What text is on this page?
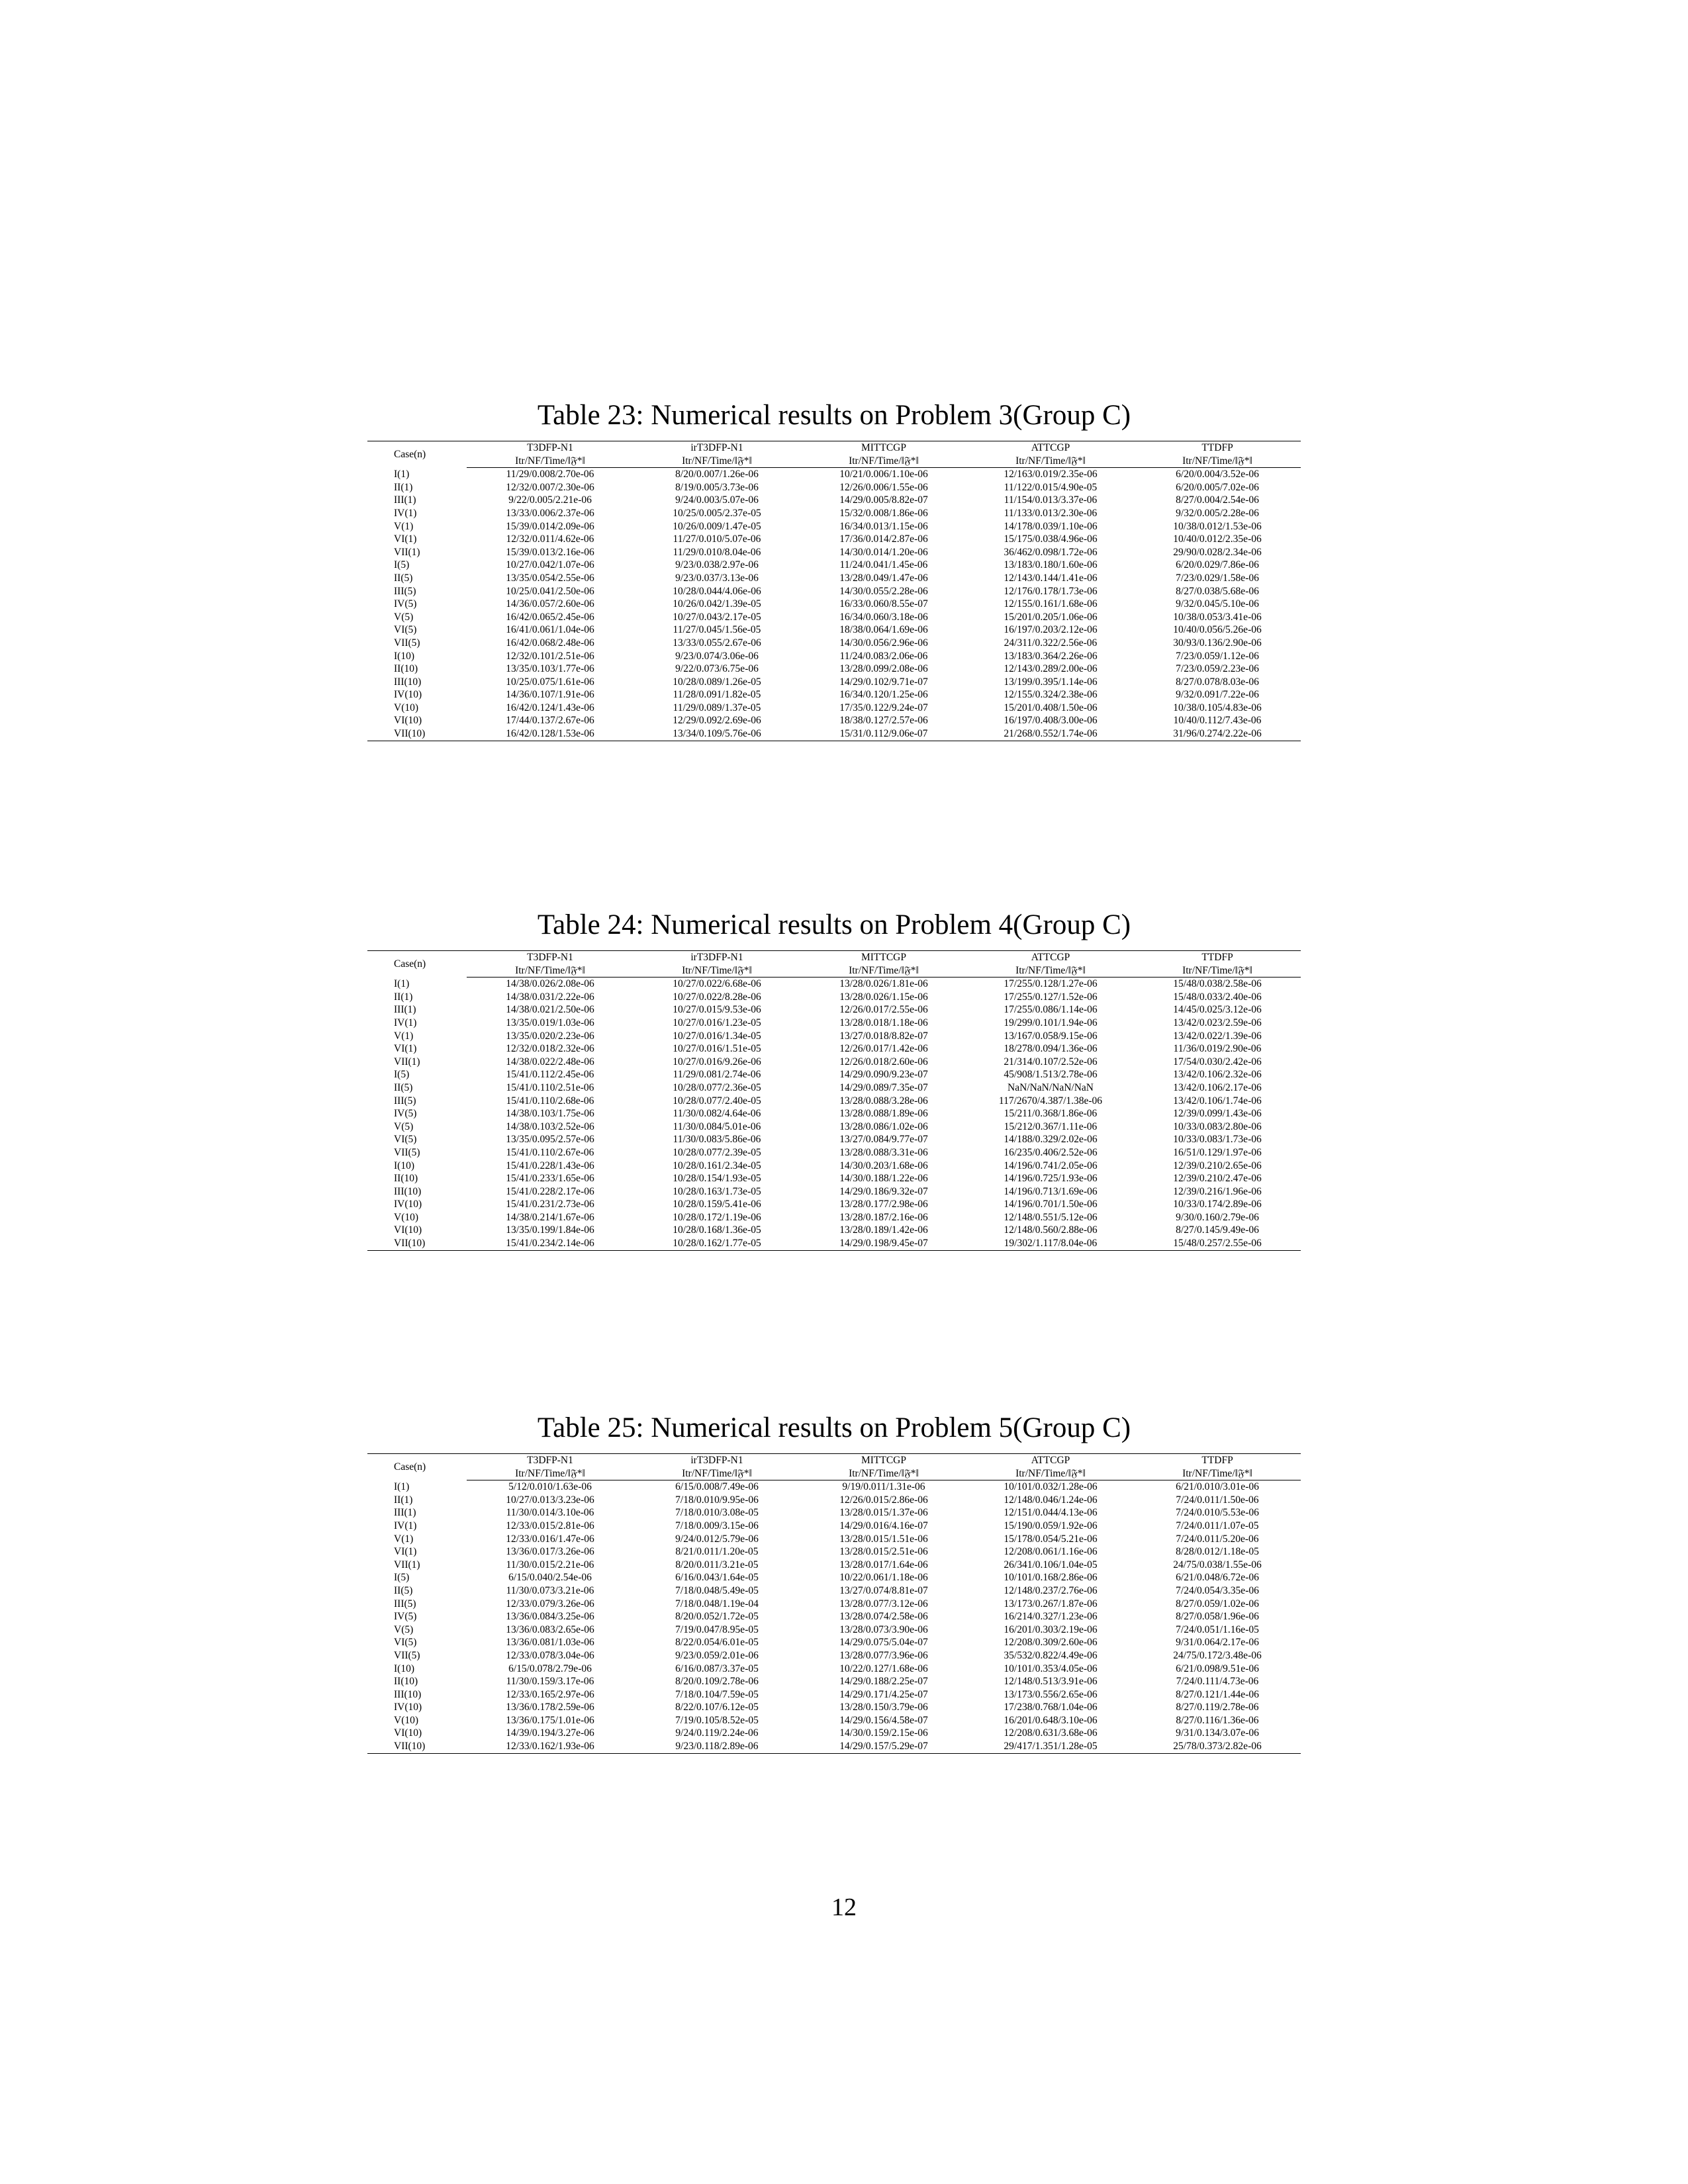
Table 23: Numerical results on Problem 3(Group C)
Case(n)	T3DFP-N1	irT3DFP-N1	MITTCGP	ATTCGP	TTDFP
	Itr/NF/Time/‖𝔉*‖	Itr/NF/Time/‖𝔉*‖	Itr/NF/Time/‖𝔉*‖	Itr/NF/Time/‖𝔉*‖	Itr/NF/Time/‖𝔉*‖
I(1)	11/29/0.008/2.70e-06	8/20/0.007/1.26e-06	10/21/0.006/1.10e-06	12/163/0.019/2.35e-06	6/20/0.004/3.52e-06
II(1)	12/32/0.007/2.30e-06	8/19/0.005/3.73e-06	12/26/0.006/1.55e-06	11/122/0.015/4.90e-05	6/20/0.005/7.02e-06
III(1)	9/22/0.005/2.21e-06	9/24/0.003/5.07e-06	14/29/0.005/8.82e-07	11/154/0.013/3.37e-06	8/27/0.004/2.54e-06
IV(1)	13/33/0.006/2.37e-06	10/25/0.005/2.37e-05	15/32/0.008/1.86e-06	11/133/0.013/2.30e-06	9/32/0.005/2.28e-06
V(1)	15/39/0.014/2.09e-06	10/26/0.009/1.47e-05	16/34/0.013/1.15e-06	14/178/0.039/1.10e-06	10/38/0.012/1.53e-06
VI(1)	12/32/0.011/4.62e-06	11/27/0.010/5.07e-06	17/36/0.014/2.87e-06	15/175/0.038/4.96e-06	10/40/0.012/2.35e-06
VII(1)	15/39/0.013/2.16e-06	11/29/0.010/8.04e-06	14/30/0.014/1.20e-06	36/462/0.098/1.72e-06	29/90/0.028/2.34e-06
I(5)	10/27/0.042/1.07e-06	9/23/0.038/2.97e-06	11/24/0.041/1.45e-06	13/183/0.180/1.60e-06	6/20/0.029/7.86e-06
II(5)	13/35/0.054/2.55e-06	9/23/0.037/3.13e-06	13/28/0.049/1.47e-06	12/143/0.144/1.41e-06	7/23/0.029/1.58e-06
III(5)	10/25/0.041/2.50e-06	10/28/0.044/4.06e-06	14/30/0.055/2.28e-06	12/176/0.178/1.73e-06	8/27/0.038/5.68e-06
IV(5)	14/36/0.057/2.60e-06	10/26/0.042/1.39e-05	16/33/0.060/8.55e-07	12/155/0.161/1.68e-06	9/32/0.045/5.10e-06
V(5)	16/42/0.065/2.45e-06	10/27/0.043/2.17e-05	16/34/0.060/3.18e-06	15/201/0.205/1.06e-06	10/38/0.053/3.41e-06
VI(5)	16/41/0.061/1.04e-06	11/27/0.045/1.56e-05	18/38/0.064/1.69e-06	16/197/0.203/2.12e-06	10/40/0.056/5.26e-06
VII(5)	16/42/0.068/2.48e-06	13/33/0.055/2.67e-06	14/30/0.056/2.96e-06	24/311/0.322/2.56e-06	30/93/0.136/2.90e-06
I(10)	12/32/0.101/2.51e-06	9/23/0.074/3.06e-06	11/24/0.083/2.06e-06	13/183/0.364/2.26e-06	7/23/0.059/1.12e-06
II(10)	13/35/0.103/1.77e-06	9/22/0.073/6.75e-06	13/28/0.099/2.08e-06	12/143/0.289/2.00e-06	7/23/0.059/2.23e-06
III(10)	10/25/0.075/1.61e-06	10/28/0.089/1.26e-05	14/29/0.102/9.71e-07	13/199/0.395/1.14e-06	8/27/0.078/8.03e-06
IV(10)	14/36/0.107/1.91e-06	11/28/0.091/1.82e-05	16/34/0.120/1.25e-06	12/155/0.324/2.38e-06	9/32/0.091/7.22e-06
V(10)	16/42/0.124/1.43e-06	11/29/0.089/1.37e-05	17/35/0.122/9.24e-07	15/201/0.408/1.50e-06	10/38/0.105/4.83e-06
VI(10)	17/44/0.137/2.67e-06	12/29/0.092/2.69e-06	18/38/0.127/2.57e-06	16/197/0.408/3.00e-06	10/40/0.112/7.43e-06
VII(10)	16/42/0.128/1.53e-06	13/34/0.109/5.76e-06	15/31/0.112/9.06e-07	21/268/0.552/1.74e-06	31/96/0.274/2.22e-06
Table 24: Numerical results on Problem 4(Group C)
Case(n)	T3DFP-N1	irT3DFP-N1	MITTCGP	ATTCGP	TTDFP
	Itr/NF/Time/‖𝔉*‖	Itr/NF/Time/‖𝔉*‖	Itr/NF/Time/‖𝔉*‖	Itr/NF/Time/‖𝔉*‖	Itr/NF/Time/‖𝔉*‖
I(1)	14/38/0.026/2.08e-06	10/27/0.022/6.68e-06	13/28/0.026/1.81e-06	17/255/0.128/1.27e-06	15/48/0.038/2.58e-06
II(1)	14/38/0.031/2.22e-06	10/27/0.022/8.28e-06	13/28/0.026/1.15e-06	17/255/0.127/1.52e-06	15/48/0.033/2.40e-06
III(1)	14/38/0.021/2.50e-06	10/27/0.015/9.53e-06	12/26/0.017/2.55e-06	17/255/0.086/1.14e-06	14/45/0.025/3.12e-06
IV(1)	13/35/0.019/1.03e-06	10/27/0.016/1.23e-05	13/28/0.018/1.18e-06	19/299/0.101/1.94e-06	13/42/0.023/2.59e-06
V(1)	13/35/0.020/2.23e-06	10/27/0.016/1.34e-05	13/27/0.018/8.82e-07	13/167/0.058/9.15e-06	13/42/0.022/1.39e-06
VI(1)	12/32/0.018/2.32e-06	10/27/0.016/1.51e-05	12/26/0.017/1.42e-06	18/278/0.094/1.36e-06	11/36/0.019/2.90e-06
VII(1)	14/38/0.022/2.48e-06	10/27/0.016/9.26e-06	12/26/0.018/2.60e-06	21/314/0.107/2.52e-06	17/54/0.030/2.42e-06
I(5)	15/41/0.112/2.45e-06	11/29/0.081/2.74e-06	14/29/0.090/9.23e-07	45/908/1.513/2.78e-06	13/42/0.106/2.32e-06
II(5)	15/41/0.110/2.51e-06	10/28/0.077/2.36e-05	14/29/0.089/7.35e-07	NaN/NaN/NaN/NaN	13/42/0.106/2.17e-06
III(5)	15/41/0.110/2.68e-06	10/28/0.077/2.40e-05	13/28/0.088/3.28e-06	117/2670/4.387/1.38e-06	13/42/0.106/1.74e-06
IV(5)	14/38/0.103/1.75e-06	11/30/0.082/4.64e-06	13/28/0.088/1.89e-06	15/211/0.368/1.86e-06	12/39/0.099/1.43e-06
V(5)	14/38/0.103/2.52e-06	11/30/0.084/5.01e-06	13/28/0.086/1.02e-06	15/212/0.367/1.11e-06	10/33/0.083/2.80e-06
VI(5)	13/35/0.095/2.57e-06	11/30/0.083/5.86e-06	13/27/0.084/9.77e-07	14/188/0.329/2.02e-06	10/33/0.083/1.73e-06
VII(5)	15/41/0.110/2.67e-06	10/28/0.077/2.39e-05	13/28/0.088/3.31e-06	16/235/0.406/2.52e-06	16/51/0.129/1.97e-06
I(10)	15/41/0.228/1.43e-06	10/28/0.161/2.34e-05	14/30/0.203/1.68e-06	14/196/0.741/2.05e-06	12/39/0.210/2.65e-06
II(10)	15/41/0.233/1.65e-06	10/28/0.154/1.93e-05	14/30/0.188/1.22e-06	14/196/0.725/1.93e-06	12/39/0.210/2.47e-06
III(10)	15/41/0.228/2.17e-06	10/28/0.163/1.73e-05	14/29/0.186/9.32e-07	14/196/0.713/1.69e-06	12/39/0.216/1.96e-06
IV(10)	15/41/0.231/2.73e-06	10/28/0.159/5.41e-06	13/28/0.177/2.98e-06	14/196/0.701/1.50e-06	10/33/0.174/2.89e-06
V(10)	14/38/0.214/1.67e-06	10/28/0.172/1.19e-06	13/28/0.187/2.16e-06	12/148/0.551/5.12e-06	9/30/0.160/2.79e-06
VI(10)	13/35/0.199/1.84e-06	10/28/0.168/1.36e-05	13/28/0.189/1.42e-06	12/148/0.560/2.88e-06	8/27/0.145/9.49e-06
VII(10)	15/41/0.234/2.14e-06	10/28/0.162/1.77e-05	14/29/0.198/9.45e-07	19/302/1.117/8.04e-06	15/48/0.257/2.55e-06
Table 25: Numerical results on Problem 5(Group C)
Case(n)	T3DFP-N1	irT3DFP-N1	MITTCGP	ATTCGP	TTDFP
	Itr/NF/Time/‖𝔉*‖	Itr/NF/Time/‖𝔉*‖	Itr/NF/Time/‖𝔉*‖	Itr/NF/Time/‖𝔉*‖	Itr/NF/Time/‖𝔉*‖
I(1)	5/12/0.010/1.63e-06	6/15/0.008/7.49e-06	9/19/0.011/1.31e-06	10/101/0.032/1.28e-06	6/21/0.010/3.01e-06
II(1)	10/27/0.013/3.23e-06	7/18/0.010/9.95e-06	12/26/0.015/2.86e-06	12/148/0.046/1.24e-06	7/24/0.011/1.50e-06
III(1)	11/30/0.014/3.10e-06	7/18/0.010/3.08e-05	13/28/0.015/1.37e-06	12/151/0.044/4.13e-06	7/24/0.010/5.53e-06
IV(1)	12/33/0.015/2.81e-06	7/18/0.009/3.15e-06	14/29/0.016/4.16e-07	15/190/0.059/1.92e-06	7/24/0.011/1.07e-05
V(1)	12/33/0.016/1.47e-06	9/24/0.012/5.79e-06	13/28/0.015/1.51e-06	15/178/0.054/5.21e-06	7/24/0.011/5.20e-06
VI(1)	13/36/0.017/3.26e-06	8/21/0.011/1.20e-05	13/28/0.015/2.51e-06	12/208/0.061/1.16e-06	8/28/0.012/1.18e-05
VII(1)	11/30/0.015/2.21e-06	8/20/0.011/3.21e-05	13/28/0.017/1.64e-06	26/341/0.106/1.04e-05	24/75/0.038/1.55e-06
I(5)	6/15/0.040/2.54e-06	6/16/0.043/1.64e-05	10/22/0.061/1.18e-06	10/101/0.168/2.86e-06	6/21/0.048/6.72e-06
II(5)	11/30/0.073/3.21e-06	7/18/0.048/5.49e-05	13/27/0.074/8.81e-07	12/148/0.237/2.76e-06	7/24/0.054/3.35e-06
III(5)	12/33/0.079/3.26e-06	7/18/0.048/1.19e-04	13/28/0.077/3.12e-06	13/173/0.267/1.87e-06	8/27/0.059/1.02e-06
IV(5)	13/36/0.084/3.25e-06	8/20/0.052/1.72e-05	13/28/0.074/2.58e-06	16/214/0.327/1.23e-06	8/27/0.058/1.96e-06
V(5)	13/36/0.083/2.65e-06	7/19/0.047/8.95e-05	13/28/0.073/3.90e-06	16/201/0.303/2.19e-06	7/24/0.051/1.16e-05
VI(5)	13/36/0.081/1.03e-06	8/22/0.054/6.01e-05	14/29/0.075/5.04e-07	12/208/0.309/2.60e-06	9/31/0.064/2.17e-06
VII(5)	12/33/0.078/3.04e-06	9/23/0.059/2.01e-06	13/28/0.077/3.96e-06	35/532/0.822/4.49e-06	24/75/0.172/3.48e-06
I(10)	6/15/0.078/2.79e-06	6/16/0.087/3.37e-05	10/22/0.127/1.68e-06	10/101/0.353/4.05e-06	6/21/0.098/9.51e-06
II(10)	11/30/0.159/3.17e-06	8/20/0.109/2.78e-06	14/29/0.188/2.25e-07	12/148/0.513/3.91e-06	7/24/0.111/4.73e-06
III(10)	12/33/0.165/2.97e-06	7/18/0.104/7.59e-05	14/29/0.171/4.25e-07	13/173/0.556/2.65e-06	8/27/0.121/1.44e-06
IV(10)	13/36/0.178/2.59e-06	8/22/0.107/6.12e-05	13/28/0.150/3.79e-06	17/238/0.768/1.04e-06	8/27/0.119/2.78e-06
V(10)	13/36/0.175/1.01e-06	7/19/0.105/8.52e-05	14/29/0.156/4.58e-07	16/201/0.648/3.10e-06	8/27/0.116/1.36e-06
VI(10)	14/39/0.194/3.27e-06	9/24/0.119/2.24e-06	14/30/0.159/2.15e-06	12/208/0.631/3.68e-06	9/31/0.134/3.07e-06
VII(10)	12/33/0.162/1.93e-06	9/23/0.118/2.89e-06	14/29/0.157/5.29e-07	29/417/1.351/1.28e-05	25/78/0.373/2.82e-06
12
